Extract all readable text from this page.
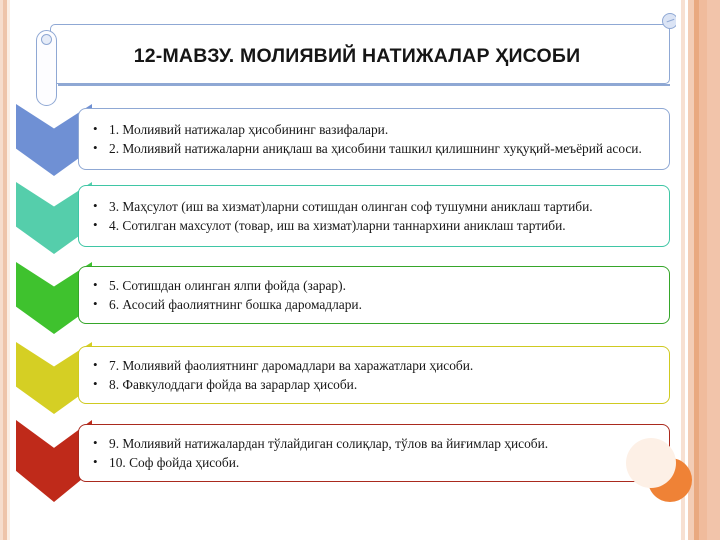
12-МАВЗУ. МОЛИЯВИЙ НАТИЖАЛАР ҲИСОБИ
• 1. Молиявий натижалар ҳисобининг вазифалари.
• 2. Молиявий натижаларни аниқлаш ва ҳисобини ташкил қилишнинг хуқуқий-меъёрий асоси.
• 3. Маҳсулот (иш ва хизмат)ларни сотишдан олинган соф тушумни аниклаш тартиби.
• 4. Сотилган махсулот (товар, иш ва хизмат)ларни таннархини аниклаш тартиби.
• 5. Сотишдан олинган ялпи фойда (зарар).
• 6. Асосий фаолиятнинг бошка даромадлари.
• 7. Молиявий фаолиятнинг даромадлари ва харажатлари ҳисоби.
• 8. Фавкулоддаги фойда ва зарарлар ҳисоби.
• 9. Молиявий натижалардан тўлайдиган солиқлар, тўлов ва йиғимлар ҳисоби.
• 10. Соф фойда ҳисоби.
